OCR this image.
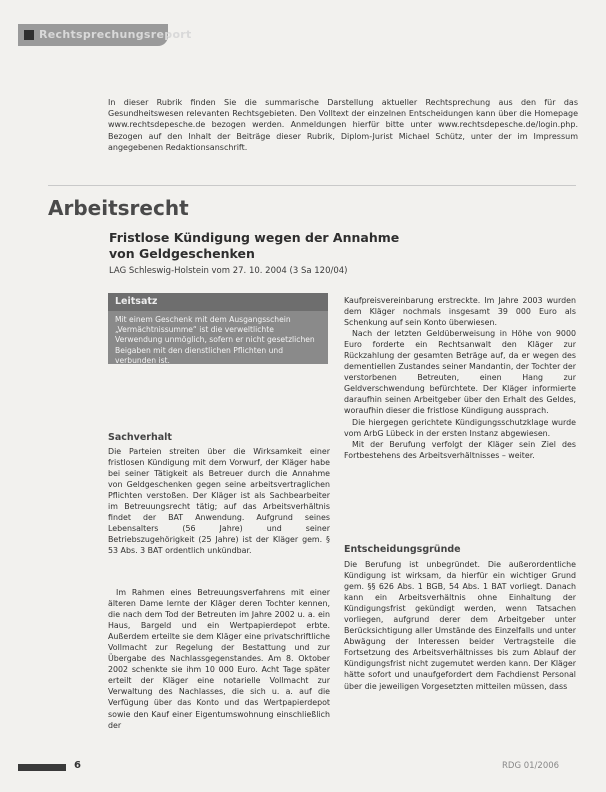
Rechtsprechungsreport
In dieser Rubrik finden Sie die summarische Darstellung aktueller Rechtsprechung aus den für das Gesundheitswesen relevanten Rechtsgebieten. Den Volltext der einzelnen Entscheidungen kann über die Homepage www.rechtsdepesche.de bezogen werden. Anmeldungen hierfür bitte unter www.rechtsdepesche.de/login.php. Bezogen auf den Inhalt der Beiträge dieser Rubrik, Diplom-Jurist Michael Schütz, unter der im Impressum angegebenen Redaktionsanschrift.
Arbeitsrecht
Fristlose Kündigung wegen der Annahme von Geldgeschenken
LAG Schleswig-Holstein vom 27. 10. 2004 (3 Sa 120/04)
Leitsatz
Mit einem Geschenk mit dem Ausgangsschein „Vermächtnissumme“ ist die verweltlichte Verwendung unmöglich, sofern er nicht gesetzlichen Beigaben mit den dienstlichen Pflichten und verbunden ist.
Sachverhalt
Die Parteien streiten über die Wirksamkeit einer fristlosen Kündigung mit dem Vorwurf, der Kläger habe bei seiner Tätigkeit als Betreuer durch die Annahme von Geldgeschenken gegen seine arbeitsvertraglichen Pflichten verstoßen. Der Kläger ist als Sachbearbeiter im Betreuungsrecht tätig; auf das Arbeitsverhältnis findet der BAT Anwendung. Aufgrund seines Lebensalters (56 Jahre) und seiner Betriebszugehörigkeit (25 Jahre) ist der Kläger gem. § 53 Abs. 3 BAT ordentlich unkündbar.
Im Rahmen eines Betreuungsverfahrens mit einer älteren Dame lernte der Kläger deren Tochter kennen, die nach dem Tod der Betreuten im Jahre 2002 u. a. ein Haus, Bargeld und ein Wertpapierdepot erbte. Außerdem erteilte sie dem Kläger eine privatschriftliche Vollmacht zur Regelung der Bestattung und zur Übergabe des Nachlassgegenstandes. Am 8. Oktober 2002 schenkte sie ihm 10 000 Euro. Acht Tage später erteilt der Kläger eine notarielle Vollmacht zur Verwaltung des Nachlasses, die sich u. a. auf die Verfügung über das Konto und das Wertpapierdepot sowie den Kauf einer Eigentumswohnung einschließlich der

Kaufpreisvereinbarung erstreckte. Im Jahre 2003 wurden dem Kläger nochmals insgesamt 39 000 Euro als Schenkung auf sein Konto überwiesen.

Nach der letzten Geldüberweisung in Höhe von 9000 Euro forderte ein Rechtsanwalt den Kläger zur Rückzahlung der gesamten Beträge auf, da er wegen des dementiellen Zustandes seiner Mandantin, der Tochter der verstorbenen Betreuten, einen Hang zur Geldverschwendung befürchtete. Der Kläger informierte daraufhin seinen Arbeitgeber über den Erhalt des Geldes, woraufhin dieser die fristlose Kündigung aussprach.

Die hiergegen gerichtete Kündigungsschutzklage wurde vom ArbG Lübeck in der ersten Instanz abgewiesen.

Mit der Berufung verfolgt der Kläger sein Ziel des Fortbestehens des Arbeitsverhältnisses – weiter.

Entscheidungsgründe
Die Berufung ist unbegründet. Die außerordentliche Kündigung ist wirksam, da hierfür ein wichtiger Grund gem. §§ 626 Abs. 1 BGB, 54 Abs. 1 BAT vorliegt. Danach kann ein Arbeitsverhältnis ohne Einhaltung der Kündigungsfrist gekündigt werden, wenn Tatsachen vorliegen, aufgrund derer dem Arbeitgeber unter Berücksichtigung aller Umstände des Einzelfalls und unter Abwägung der Interessen beider Vertragsteile die Fortsetzung des Arbeitsverhältnisses bis zum Ablauf der Kündigungsfrist nicht zugemutet werden kann. Der Kläger hätte sofort und unaufgefordert dem Fachdienst Personal über die jeweiligen Vorgesetzten mitteilen müssen, dass
6	RDG 01/2006
